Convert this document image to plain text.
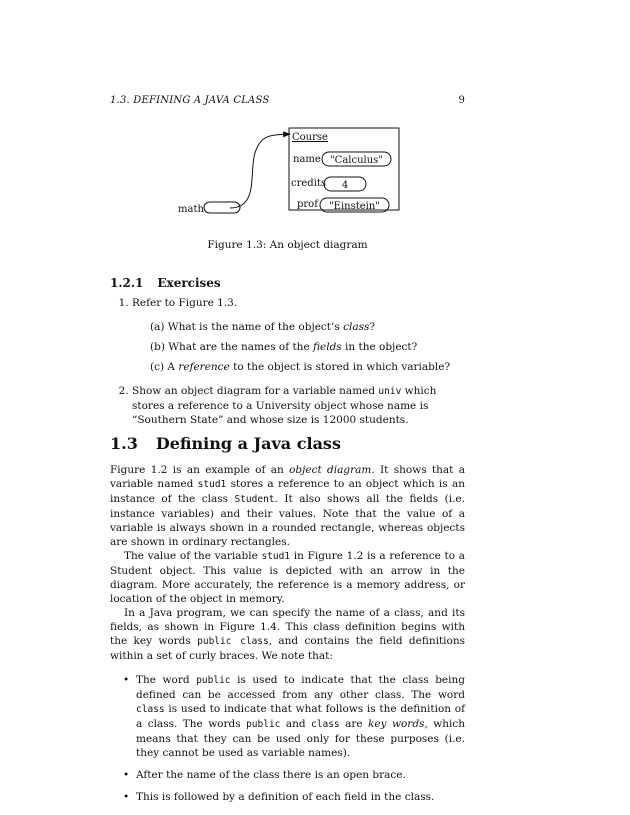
1.3. DEFINING A JAVA CLASS	9
math
Course
name "Calculus"
credits 4
prof "Einstein"
Figure 1.3: An object diagram
1.2.1 Exercises
1. Refer to Figure 1.3.
(a) What is the name of the object’s class?
(b) What are the names of the fields in the object?
(c) A reference to the object is stored in which variable?
2. Show an object diagram for a variable named univ which stores a reference to a University object whose name is “Southern State” and whose size is 12000 students.
1.3 Defining a Java class

Figure 1.2 is an example of an object diagram. It shows that a variable named stud1 stores a reference to an object which is an instance of the class Student. It also shows all the fields (i.e. instance variables) and their values. Note that the value of a variable is always shown in a rounded rectangle, whereas objects are shown in ordinary rectangles.

The value of the variable stud1 in Figure 1.2 is a reference to a Student object. This value is depicted with an arrow in the diagram. More accurately, the reference is a memory address, or location of the object in memory.

In a Java program, we can specify the name of a class, and its fields, as shown in Figure 1.4. This class definition begins with the key words public class, and contains the field definitions within a set of curly braces. We note that:

• The word public is used to indicate that the class being defined can be accessed from any other class. The word class is used to indicate that what follows is the definition of a class. The words public and class are key words, which means that they can be used only for these purposes (i.e. they cannot be used as variable names).
• After the name of the class there is an open brace.
• This is followed by a definition of each field in the class.
